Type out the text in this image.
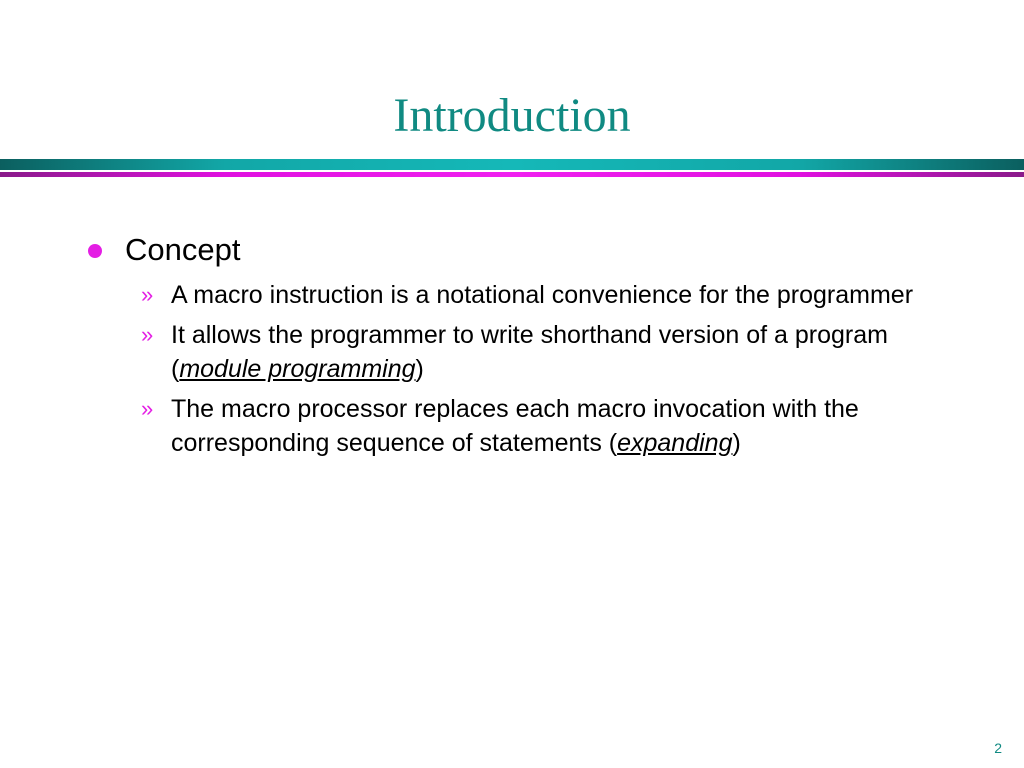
Introduction
Concept
» A macro instruction is a notational convenience for the programmer
» It allows the programmer to write shorthand version of a program (module programming)
» The macro processor replaces each macro invocation with the corresponding sequence of statements (expanding)
2
